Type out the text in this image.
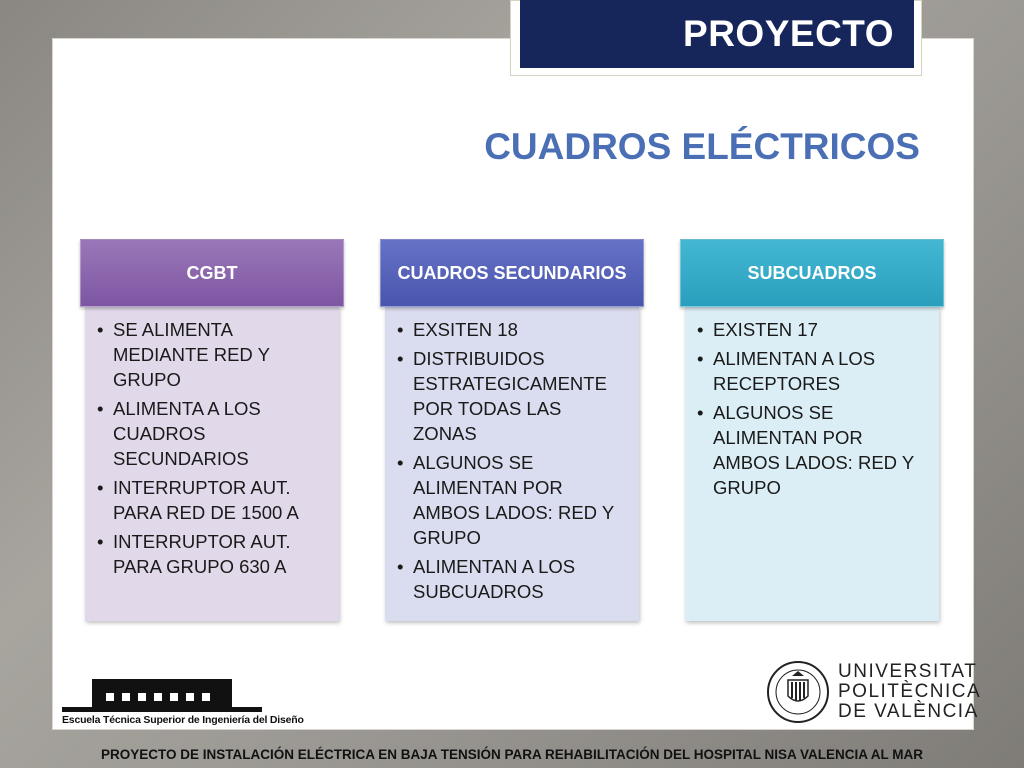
PROYECTO
CUADROS ELÉCTRICOS
CGBT
• SE ALIMENTA MEDIANTE RED Y GRUPO
• ALIMENTA A LOS CUADROS SECUNDARIOS
• INTERRUPTOR AUT. PARA RED DE 1500 A
• INTERRUPTOR AUT. PARA GRUPO 630 A
CUADROS SECUNDARIOS
• EXSITEN 18
• DISTRIBUIDOS ESTRATEGICAMENTE POR TODAS LAS ZONAS
• ALGUNOS SE ALIMENTAN POR AMBOS LADOS: RED Y GRUPO
• ALIMENTAN A LOS SUBCUADROS
SUBCUADROS
• EXISTEN 17
• ALIMENTAN A LOS RECEPTORES
• ALGUNOS SE ALIMENTAN POR AMBOS LADOS: RED Y GRUPO
Escuela Técnica Superior de Ingeniería del Diseño
UNIVERSITAT
POLITÈCNICA
DE VALÈNCIA
PROYECTO DE INSTALACIÓN ELÉCTRICA EN BAJA TENSIÓN PARA REHABILITACIÓN DEL HOSPITAL NISA VALENCIA AL MAR
